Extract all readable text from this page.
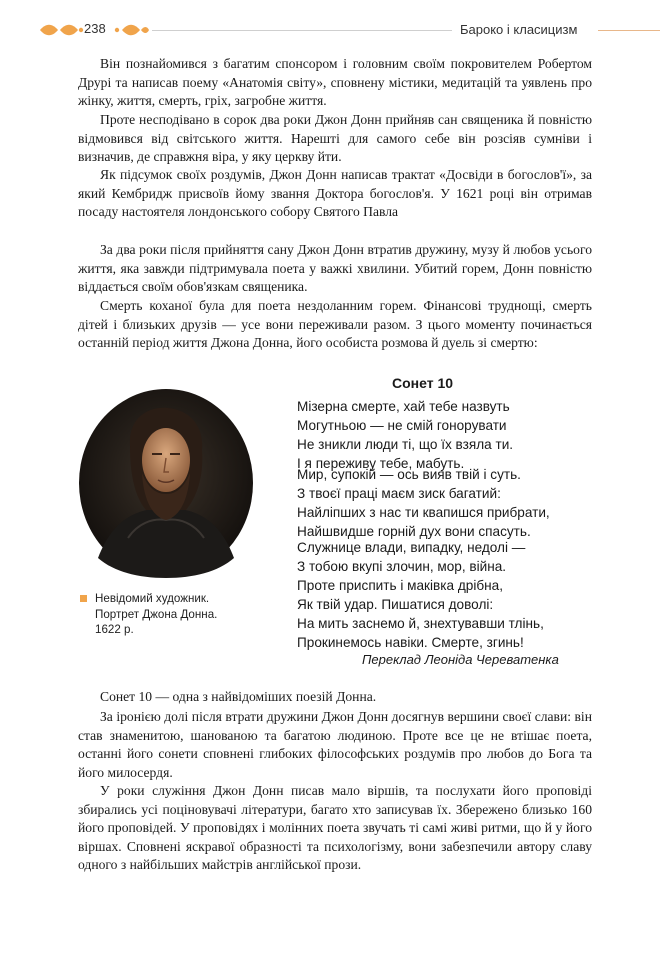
238	Бароко і класицизм

Він познайомився з багатим спонсором і головним своїм покровителем Робертом Друрі та написав поему «Анатомія світу», сповнену містики, медитацій та уявлень про жінку, життя, смерть, гріх, загробне життя.

Проте несподівано в сорок два роки Джон Донн прийняв сан священика й повністю відмовився від світського життя. Нарешті для самого себе він розсіяв сумніви і визначив, де справжня віра, у яку церкву йти.

Як підсумок своїх роздумів, Джон Донн написав трактат «Досвіди в богослов'ї», за який Кембридж присвоїв йому звання Доктора богослов'я. У 1621 році він отримав посаду настоятеля лондонського собору Святого Павла

За два роки після прийняття сану Джон Донн втратив дружину, музу й любов усього життя, яка завжди підтримувала поета у важкі хвилини. Убитий горем, Донн повністю віддається своїм обов'язкам священика.

Смерть коханої була для поета нездоланним горем. Фінансові труднощі, смерть дітей і близьких друзів — усе вони переживали разом. З цього моменту починається останній період життя Джона Донна, його особиста розмова й дуель зі смертю:

Невідомий художник.
Портрет Джона Донна.
1622 р.
Сонет 10
Мізерна смерте, хай тебе назвуть
Могутньою — не смій гонорувати
Не зникли люди ті, що їх взяла ти.
І я переживу тебе, мабуть.
Мир, супокій — ось вияв твій і суть.
З твоєї праці маєм зиск багатий:
Найліпших з нас ти квапишся прибрати,
Найшвидше горній дух вони спасуть.
Служнице влади, випадку, недолі —
З тобою вкупі злочин, мор, війна.
Проте приспить і маківка дрібна,
Як твій удар. Пишатися доволі:
На мить заснемо й, знехтувавши тлінь,
Прокинемось навіки. Смерте, згинь!
Переклад Леоніда Череватенка

Сонет 10 — одна з найвідоміших поезій Донна.

За іронією долі після втрати дружини Джон Донн досягнув вершини своєї слави: він став знаменитою, шанованою та багатою людиною. Проте все це не втішає поета, останні його сонети сповнені глибоких філософських роздумів про любов до Бога та його милосердя.

У роки служіння Джон Донн писав мало віршів, та послухати його проповіді збирались усі поціновувачі літератури, багато хто записував їх. Збережено близько 160 його проповідей. У проповідях і молінних поета звучать ті самі живі ритми, що й у його віршах. Сповнені яскравої образності та психологізму, вони забезпечили автору славу одного з найбільших майстрів англійської прози.
